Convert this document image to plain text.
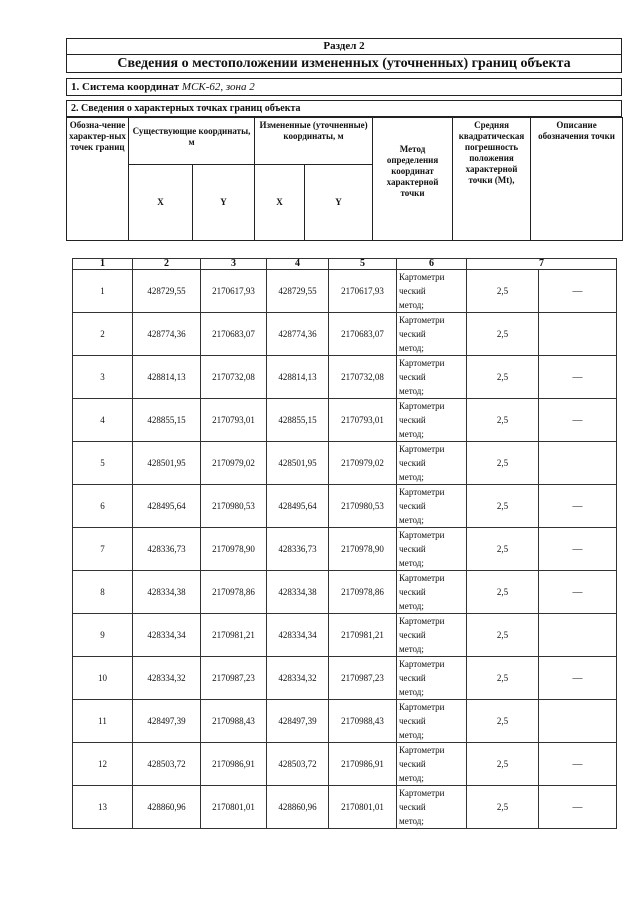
Раздел 2
Сведения о местоположении измененных (уточненных) границ объекта
1. Система координат МСК-62, зона 2
2. Сведения о характерных точках границ объекта
Обозна-чение характер-ных точек границ	Существующие координаты, м		Измененные (уточненные) координаты, м		Метод определения координат характерной точки	Средняя квадратическая погрешность положения характерной точки (Мt),	Описание обозначения точки
	X	Y	X	Y			
1	2	3	4	5	6	7	
1	428729,55	2170617,93	428729,55	2170617,93	Картометри
ческий
метод;	2,5	—
2	428774,36	2170683,07	428774,36	2170683,07	Картометри
ческий
метод;	2,5	
3	428814,13	2170732,08	428814,13	2170732,08	Картометри
ческий
метод;	2,5	—
4	428855,15	2170793,01	428855,15	2170793,01	Картометри
ческий
метод;	2,5	—
5	428501,95	2170979,02	428501,95	2170979,02	Картометри
ческий
метод;	2,5	
6	428495,64	2170980,53	428495,64	2170980,53	Картометри
ческий
метод;	2,5	—
7	428336,73	2170978,90	428336,73	2170978,90	Картометри
ческий
метод;	2,5	—
8	428334,38	2170978,86	428334,38	2170978,86	Картометри
ческий
метод;	2,5	—
9	428334,34	2170981,21	428334,34	2170981,21	Картометри
ческий
метод;	2,5	
10	428334,32	2170987,23	428334,32	2170987,23	Картометри
ческий
метод;	2,5	—
11	428497,39	2170988,43	428497,39	2170988,43	Картометри
ческий
метод;	2,5	
12	428503,72	2170986,91	428503,72	2170986,91	Картометри
ческий
метод;	2,5	—
13	428860,96	2170801,01	428860,96	2170801,01	Картометри
ческий
метод;	2,5	—
